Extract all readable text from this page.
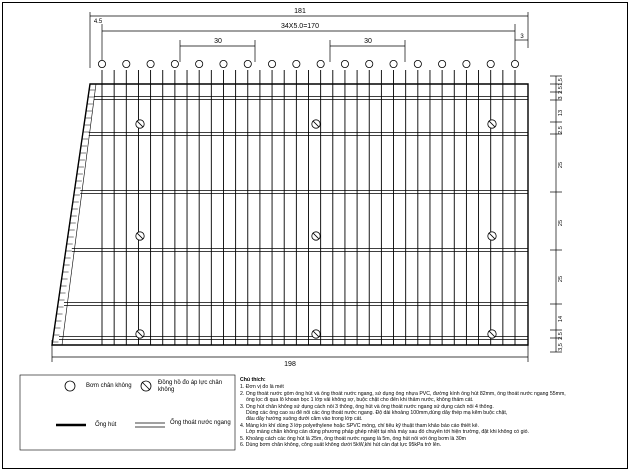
181
4.5
34X5.0=170
3
30	30
198
1,5
2.5
3
13
2.5
25
25
25
14
2.5
3,5
Bơm chân không	Đồng hồ đo áp lực chân không
Ống hút	Ống thoát nước ngang
Chú thích:
1. Đơn vị đo là mét
2. Ống thoát nước gồm ống hút và ống thoát nước ngang, sử dụng ống nhựa PVC, đường kính ống hút 82mm, ống thoát nước ngang 55mm,
ống lọc đi qua lỗ khoan bọc 1 lớp vải không sợ, buộc chặt cho đến khi thấm nước, không thấm cát.
3. Ống hút chân không sử dụng cách nối 3 thông, ống hút và ống thoát nước ngang sử dụng cách nối 4 thông.
Dùng các ống cao su để nối các ống thoát nước ngang. Độ dài khoảng 100mm,dùng dây thép mạ kẽm buộc chặt,
đầu dây hướng xuống dưới cắm vào trong lớp cát.
4. Màng kín khí dùng 3 lớp polyethylene hoặc SPVC mỏng, chỉ tiêu kỹ thuật tham khảo báo cáo thiết kế.
Lớp màng chân không cần dùng phương pháp ghép nhiệt tại nhà máy sau đó chuyển tới hiện trường, đặt khi không có gió.
5. Khoảng cách các ống hút là 25m, ống thoát nước ngang là 5m, ống hút nối với ống bơm là 30m
6. Dùng bơm chân không, công suất không dưới 5kW,khi hút cần đạt lực 95kPa trở lên.
